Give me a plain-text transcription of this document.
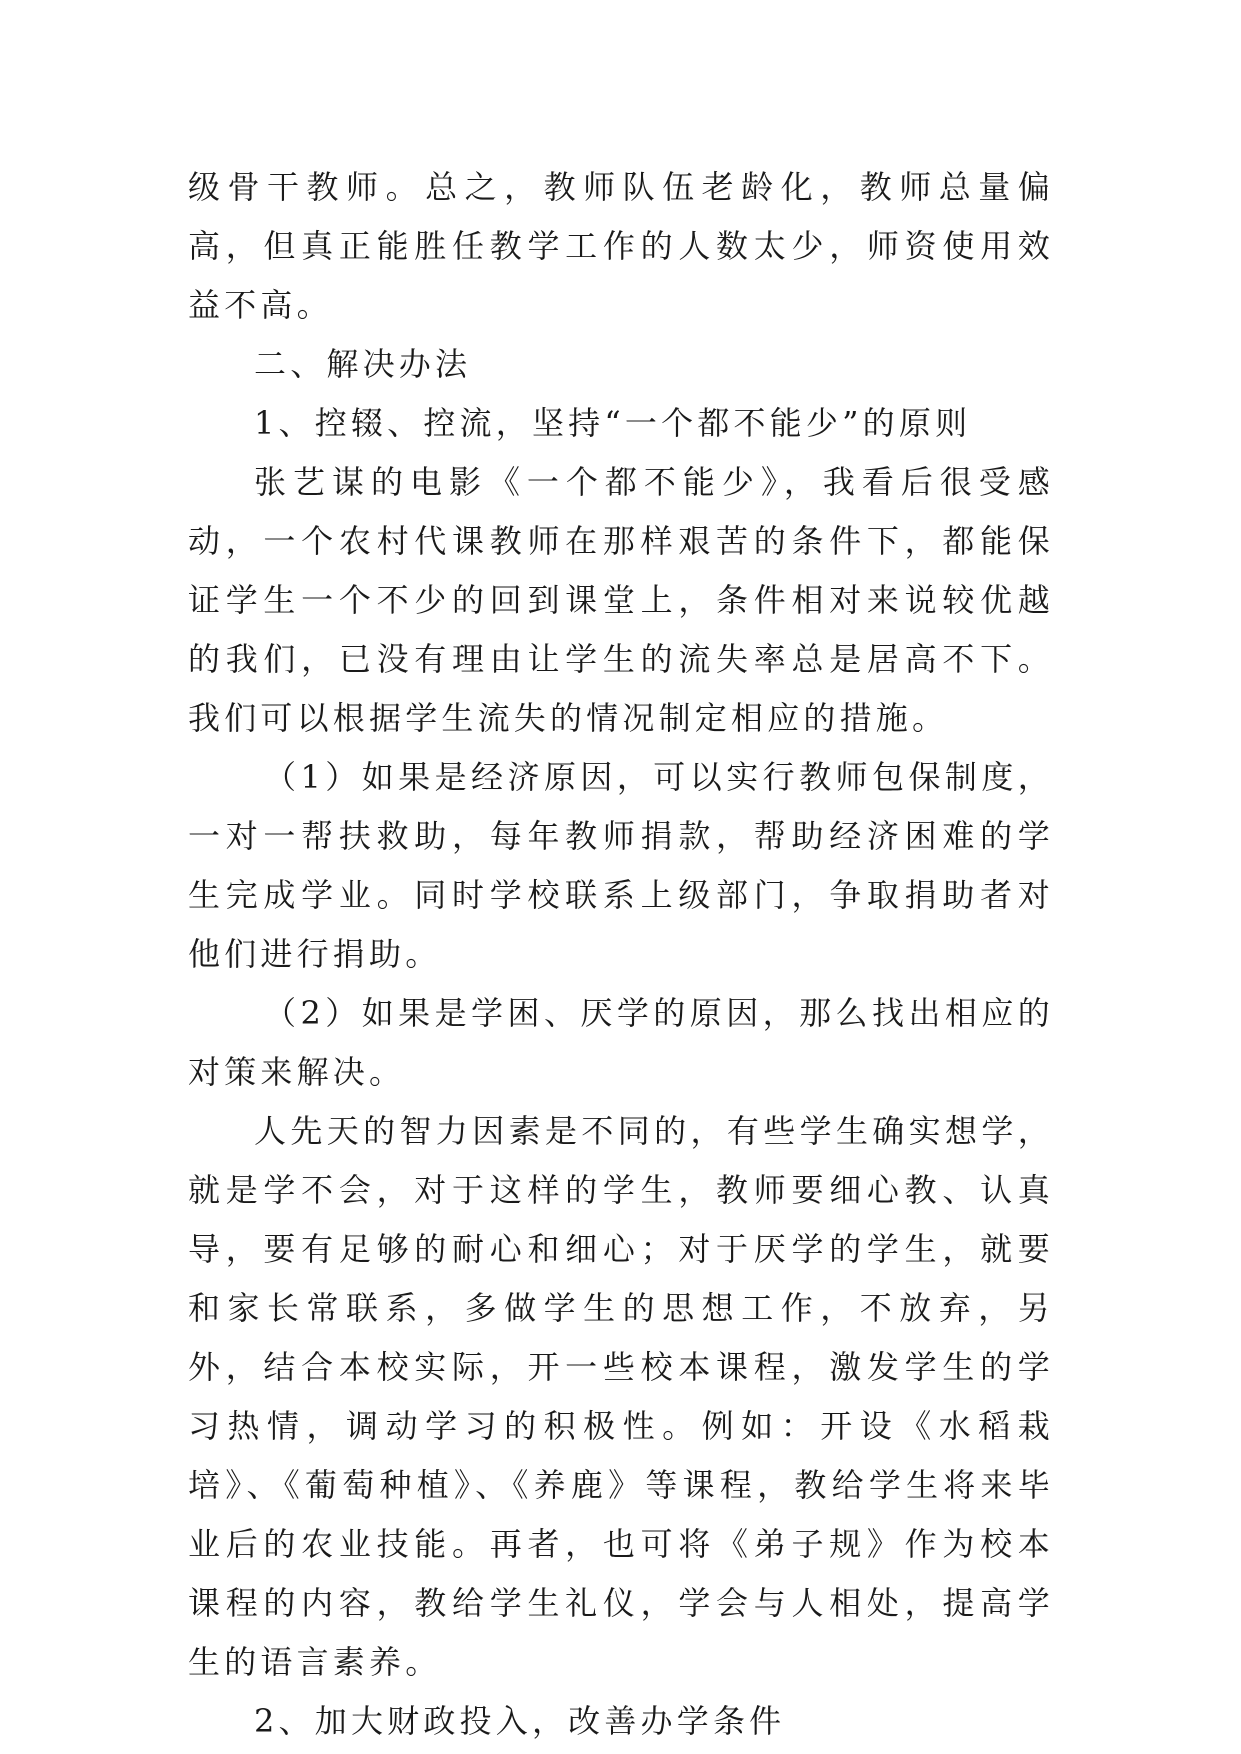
级骨干教师。总之，教师队伍老龄化，教师总量偏高，但真正能胜任教学工作的人数太少，师资使用效益不高。

二、解决办法

1、控辍、控流，坚持“一个都不能少”的原则

张艺谋的电影《一个都不能少》，我看后很受感动，一个农村代课教师在那样艰苦的条件下，都能保证学生一个不少的回到课堂上，条件相对来说较优越的我们，已没有理由让学生的流失率总是居高不下。我们可以根据学生流失的情况制定相应的措施。

（1）如果是经济原因，可以实行教师包保制度，一对一帮扶救助，每年教师捐款，帮助经济困难的学生完成学业。同时学校联系上级部门，争取捐助者对他们进行捐助。

（2）如果是学困、厌学的原因，那么找出相应的对策来解决。

人先天的智力因素是不同的，有些学生确实想学，就是学不会，对于这样的学生，教师要细心教、认真导，要有足够的耐心和细心；对于厌学的学生，就要和家长常联系，多做学生的思想工作，不放弃，另外，结合本校实际，开一些校本课程，激发学生的学习热情，调动学习的积极性。例如：开设《水稻栽培》、《葡萄种植》、《养鹿》等课程，教给学生将来毕业后的农业技能。再者，也可将《弟子规》作为校本课程的内容，教给学生礼仪，学会与人相处，提高学生的语言素养。

2、加大财政投入，改善办学条件
